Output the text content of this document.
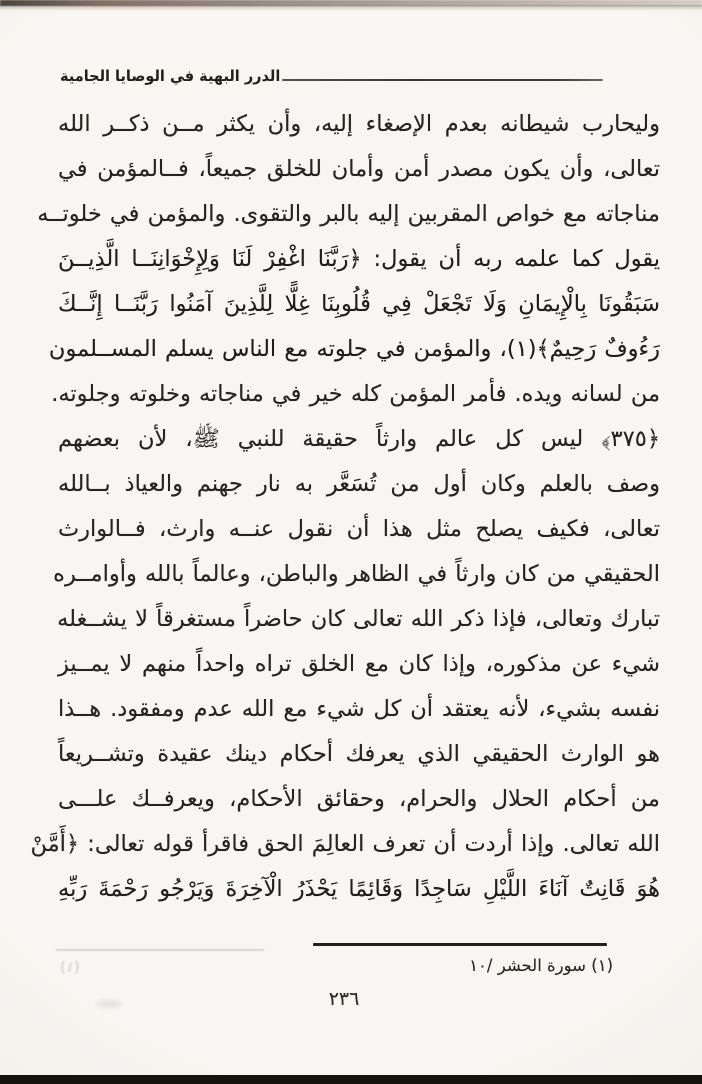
الدرر البهية في الوصايا الجامية
وليحارب شيطانه بعدم الإصغاء إليه، وأن يكثر مــن ذكــر الله
تعالى، وأن يكون مصدر أمن وأمان للخلق جميعاً، فــالمؤمن في
مناجاته مع خواص المقربين إليه بالبر والتقوى. والمؤمن في خلوتــه
يقول كما علمه ربه أن يقول: ﴿رَبَّنَا اغْفِرْ لَنَا وَلِإِخْوَانِنَــا الَّذِيــنَ
سَبَقُونَا بِالْإِيمَانِ وَلَا تَجْعَلْ فِي قُلُوبِنَا غِلًّا لِلَّذِينَ آمَنُوا رَبَّنَــا إِنَّــكَ
رَءُوفٌ رَحِيمٌ﴾(١)، والمؤمن في جلوته مع الناس يسلم المســلمون
من لسانه ويده. فأمر المؤمن كله خير في مناجاته وخلوته وجلوته.
﴿٣٧٥﴾ ليس كل عالم وارثاً حقيقة للنبي ﷺ، لأن بعضهم
وصف بالعلم وكان أول من تُسَعَّر به نار جهنم والعياذ بــالله
تعالى، فكيف يصلح مثل هذا أن نقول عنــه وارث، فــالوارث
الحقيقي من كان وارثاً في الظاهر والباطن، وعالماً بالله وأوامــره
تبارك وتعالى، فإذا ذكر الله تعالى كان حاضراً مستغرقاً لا يشــغله
شيء عن مذكوره، وإذا كان مع الخلق تراه واحداً منهم لا يمــيز
نفسه بشيء، لأنه يعتقد أن كل شيء مع الله عدم ومفقود. هــذا
هو الوارث الحقيقي الذي يعرفك أحكام دينك عقيدة وتشــريعاً
من أحكام الحلال والحرام، وحقائق الأحكام، ويعرفــك علـــى
الله تعالى. وإذا أردت أن تعرف العالِمَ الحق فاقرأ قوله تعالى: ﴿أَمَّنْ
هُوَ قَانِتٌ آنَاءَ اللَّيْلِ سَاجِدًا وَقَائِمًا يَحْذَرُ الْآخِرَةَ وَيَرْجُو رَحْمَةَ رَبِّهِ
(١) سورة الحشر /١٠
٢٣٦
(١)
